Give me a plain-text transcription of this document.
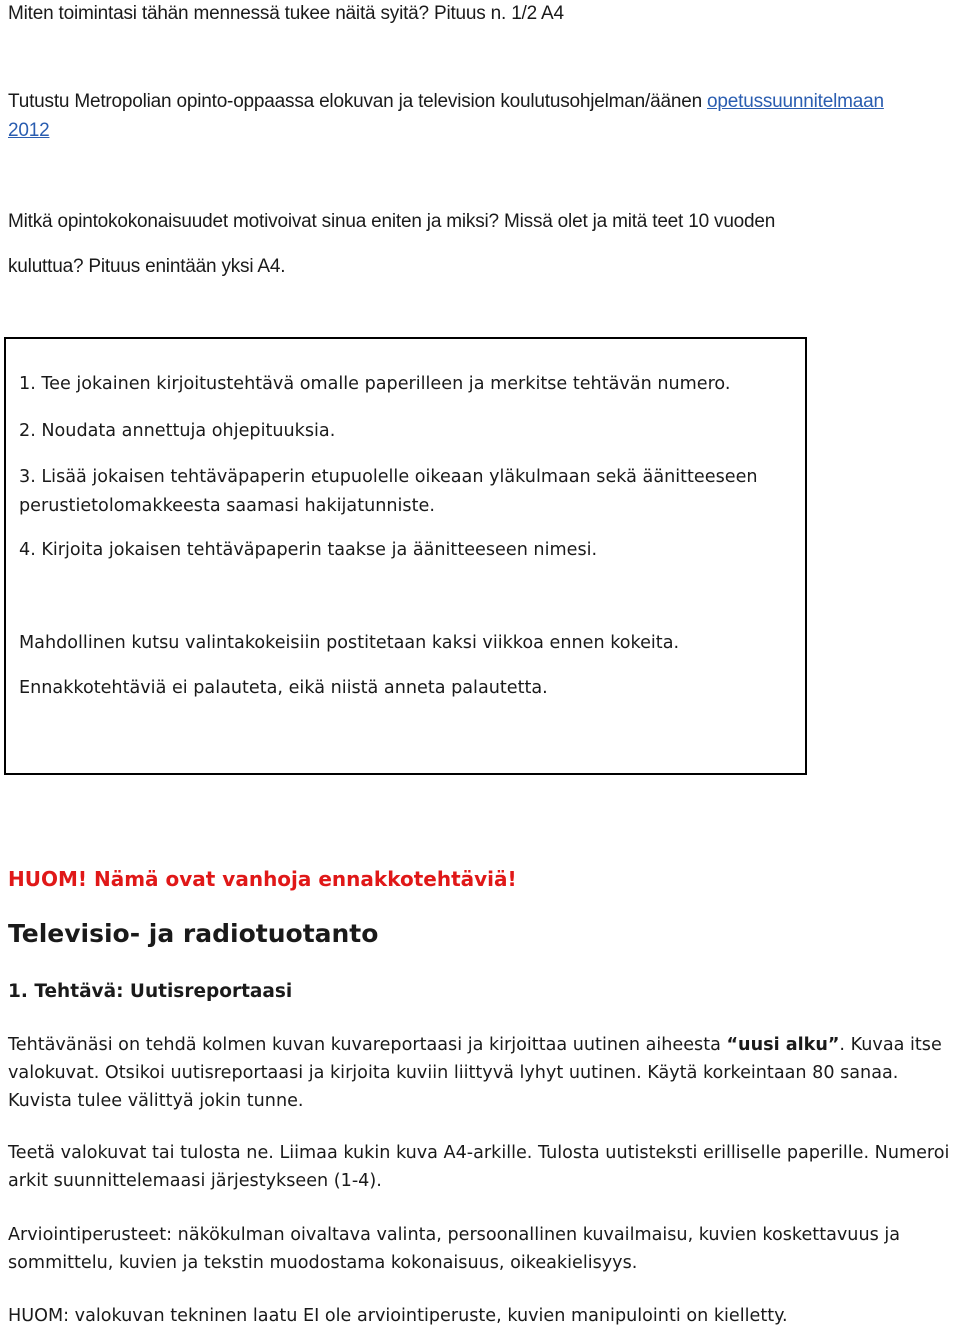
Miten toimintasi tähän mennessä tukee näitä syitä? Pituus n. 1/2 A4
Tutustu Metropolian opinto-oppaassa elokuvan ja television koulutusohjelman/äänen opetussuunnitelmaan
2012
Mitkä opintokokonaisuudet motivoivat sinua eniten ja miksi? Missä olet ja mitä teet 10 vuoden
kuluttua? Pituus enintään yksi A4.
1. Tee jokainen kirjoitustehtävä omalle paperilleen ja merkitse tehtävän numero.
2. Noudata annettuja ohjepituuksia.
3. Lisää jokaisen tehtäväpaperin etupuolelle oikeaan yläkulmaan sekä äänitteeseen
perustietolomakkeesta saamasi hakijatunniste.
4. Kirjoita jokaisen tehtäväpaperin taakse ja äänitteeseen nimesi.
Mahdollinen kutsu valintakokeisiin postitetaan kaksi viikkoa ennen kokeita.
Ennakkotehtäviä ei palauteta, eikä niistä anneta palautetta.
HUOM! Nämä ovat vanhoja ennakkotehtäviä!
Televisio- ja radiotuotanto
1. Tehtävä: Uutisreportaasi
Tehtävänäsi on tehdä kolmen kuvan kuvareportaasi ja kirjoittaa uutinen aiheesta “uusi alku”. Kuvaa itse
valokuvat. Otsikoi uutisreportaasi ja kirjoita kuviin liittyvä lyhyt uutinen. Käytä korkeintaan 80 sanaa.
Kuvista tulee välittyä jokin tunne.
Teetä valokuvat tai tulosta ne. Liimaa kukin kuva A4-arkille. Tulosta uutisteksti erilliselle paperille. Numeroi
arkit suunnittelemaasi järjestykseen (1-4).
Arviointiperusteet: näkökulman oivaltava valinta, persoonallinen kuvailmaisu, kuvien koskettavuus ja
sommittelu, kuvien ja tekstin muodostama kokonaisuus, oikeakielisyys.
HUOM: valokuvan tekninen laatu EI ole arviointiperuste, kuvien manipulointi on kielletty.
